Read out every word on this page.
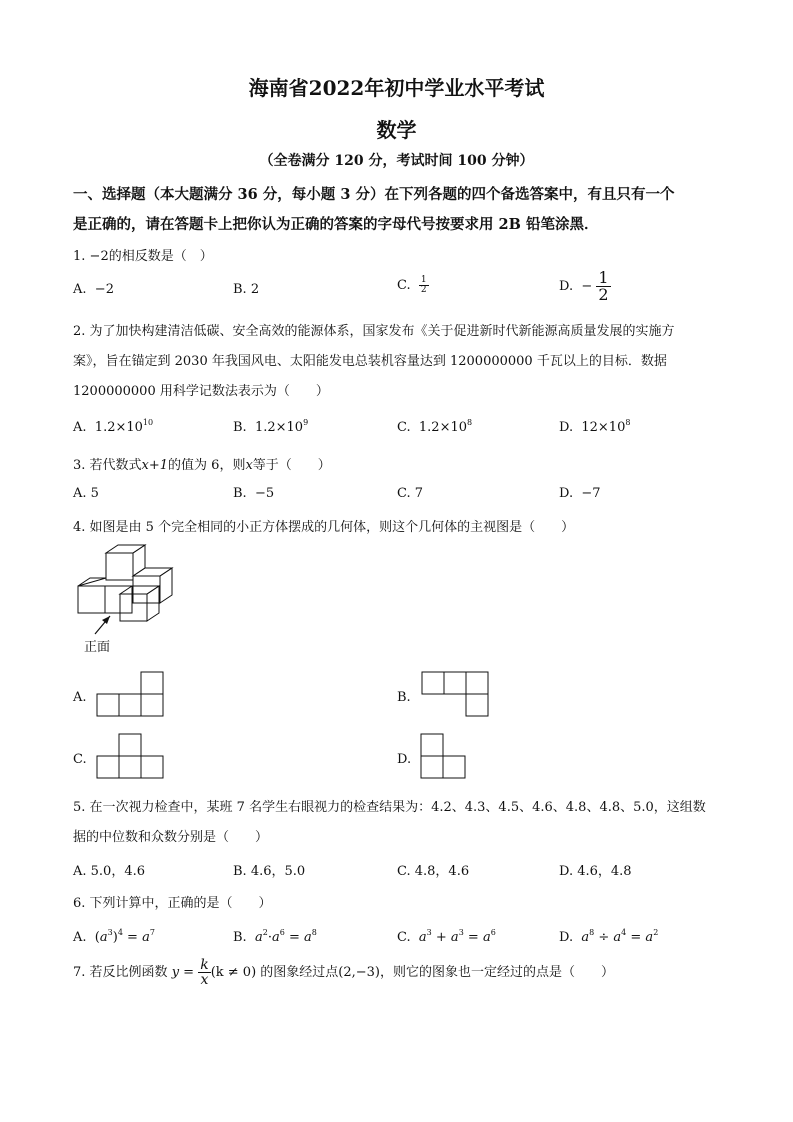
海南省2022年初中学业水平考试
数学
（全卷满分 120 分，考试时间 100 分钟）
一、选择题（本大题满分 36 分，每小题 3 分）在下列各题的四个备选答案中，有且只有一个
是正确的，请在答题卡上把你认为正确的答案的字母代号按要求用 2B 铅笔涂黑．
1. −2的相反数是（　）
A. −2	B. 2	C. $\frac{1}{2}$	D. − $\frac{1}{2}$
2. 为了加快构建清洁低碳、安全高效的能源体系，国家发布《关于促进新时代新能源高质量发展的实施方
案》，旨在锚定到 2030 年我国风电、太阳能发电总装机容量达到 1200000000 千瓦以上的目标．数据
1200000000 用科学记数法表示为（　　）
A. $1.2\times 10^{10}$	B. $1.2\times 10^9$	C. $1.2\times 10^8$	D. $12\times 10^8$
3. 若代数式x+1的值为 6，则x等于（　　）
A. 5	B. −5	C. 7	D. −7
4. 如图是由 5 个完全相同的小正方体摆成的几何体，则这个几何体的主视图是（　　）
正面
A.	B.
C.	D.
5. 在一次视力检查中，某班 7 名学生右眼视力的检查结果为：4.2、4.3、4.5、4.6、4.8、4.8、5.0，这组数
据的中位数和众数分别是（　　）
A. 5.0，4.6	B. 4.6，5.0	C. 4.8，4.6	D. 4.6，4.8
6. 下列计算中，正确的是（　　）
A. $(a^3)^4 = a^7$	B. $a^2\cdot a^6 = a^8$	C. $a^3 + a^3 = a^6$	D. $a^8 \div a^4 = a^2$
7. 若反比例函数 $y = \frac{k}{x} (k \ne 0)$ 的图象经过点(2,−3)，则它的图象也一定经过的点是（　　）
